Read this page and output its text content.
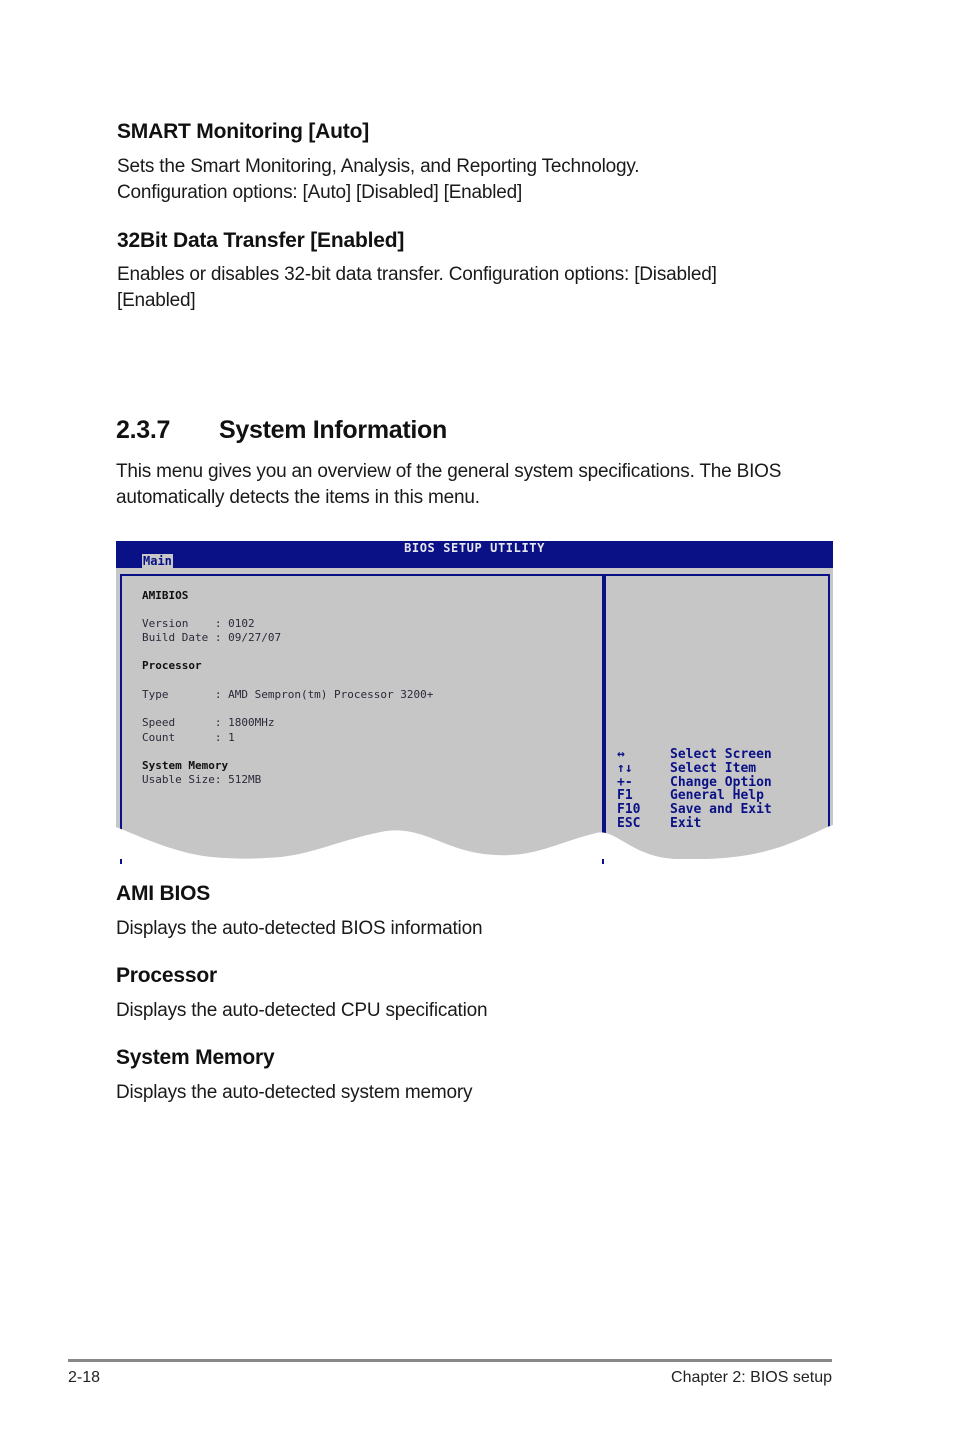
SMART Monitoring [Auto]

Sets the Smart Monitoring, Analysis, and Reporting Technology.

Configuration options: [Auto] [Disabled] [Enabled]

32Bit Data Transfer [Enabled]

Enables or disables 32-bit data transfer. Configuration options: [Disabled]

[Enabled]

2.3.7 System Information

This menu gives you an overview of the general system specifications. The BIOS

automatically detects the items in this menu.

BIOS SETUP UTILITY
Main
AMIBIOS
Version    : 0102
Build Date : 09/27/07
Processor
Type       : AMD Sempron(tm) Processor 3200+
Speed      : 1800MHz
Count      : 1
System Memory
Usable Size: 512MB
↔	Select Screen
↑↓	Select Item
+-	Change Option
F1	General Help
F10 Save and Exit
ESC Exit
AMI BIOS

Displays the auto-detected BIOS information

Processor

Displays the auto-detected CPU specification

System Memory

Displays the auto-detected system memory

2-18	Chapter 2: BIOS setup
